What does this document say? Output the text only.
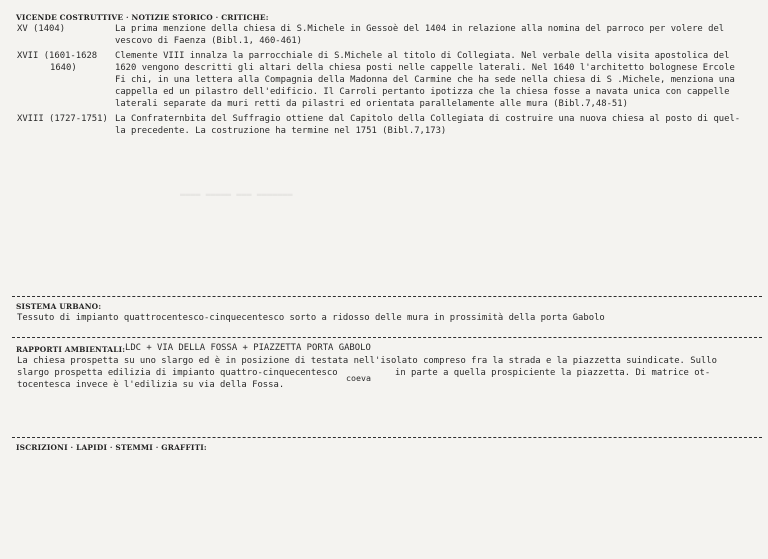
▬▬▬▬ ▬▬▬▬▬ ▬▬▬ ▬▬▬▬▬▬▬
VICENDE COSTRUTTIVE · NOTIZIE STORICO · CRITICHE:
XV (1404)	La prima menzione della chiesa di S.Michele in Gessoè del 1404 in relazione alla nomina del parroco per volere del
vescovo di Faenza (Bibl.1, 460-461)
XVII (1601-1628
1640)
Clemente VIII innalza la parrocchiale di S.Michele al titolo di Collegiata. Nel verbale della visita apostolica del
1620 vengono descritti gli altari della chiesa posti nelle cappelle laterali. Nel 1640 l'architetto bolognese Ercole
Fi chi, in una lettera alla Compagnia della Madonna del Carmine che ha sede nella chiesa di S .Michele, menziona una
cappella ed un pilastro dell'edificio. Il Carroli pertanto ipotizza che la chiesa fosse a navata unica con cappelle
laterali separate da muri retti da pilastri ed orientata parallelamente alle mura (Bibl.7,48-51)
XVIII (1727-1751) La Confraternbita del Suffragio ottiene dal Capitolo della Collegiata di costruire una nuova chiesa al posto di quel-
la precedente. La costruzione ha termine nel 1751 (Bibl.7,173)
SISTEMA URBANO:
Tessuto di impianto quattrocentesco-cinquecentesco sorto a ridosso delle mura in prossimità della porta Gabolo
RAPPORTI AMBIENTALI: LDC + VIA DELLA FOSSA + PIAZZETTA PORTA GABOLO
La chiesa prospetta su uno slargo ed è in posizione di testata nell'isolato compreso fra la strada e la piazzetta suindicate. Sullo
slargo prospetta edilizia di impianto quattro-cinquecentesco coeva	in parte a quella prospiciente la piazzetta. Di matrice ot-
tocentesca invece è l'edilizia su via della Fossa.
ISCRIZIONI · LAPIDI · STEMMI · GRAFFITI:
